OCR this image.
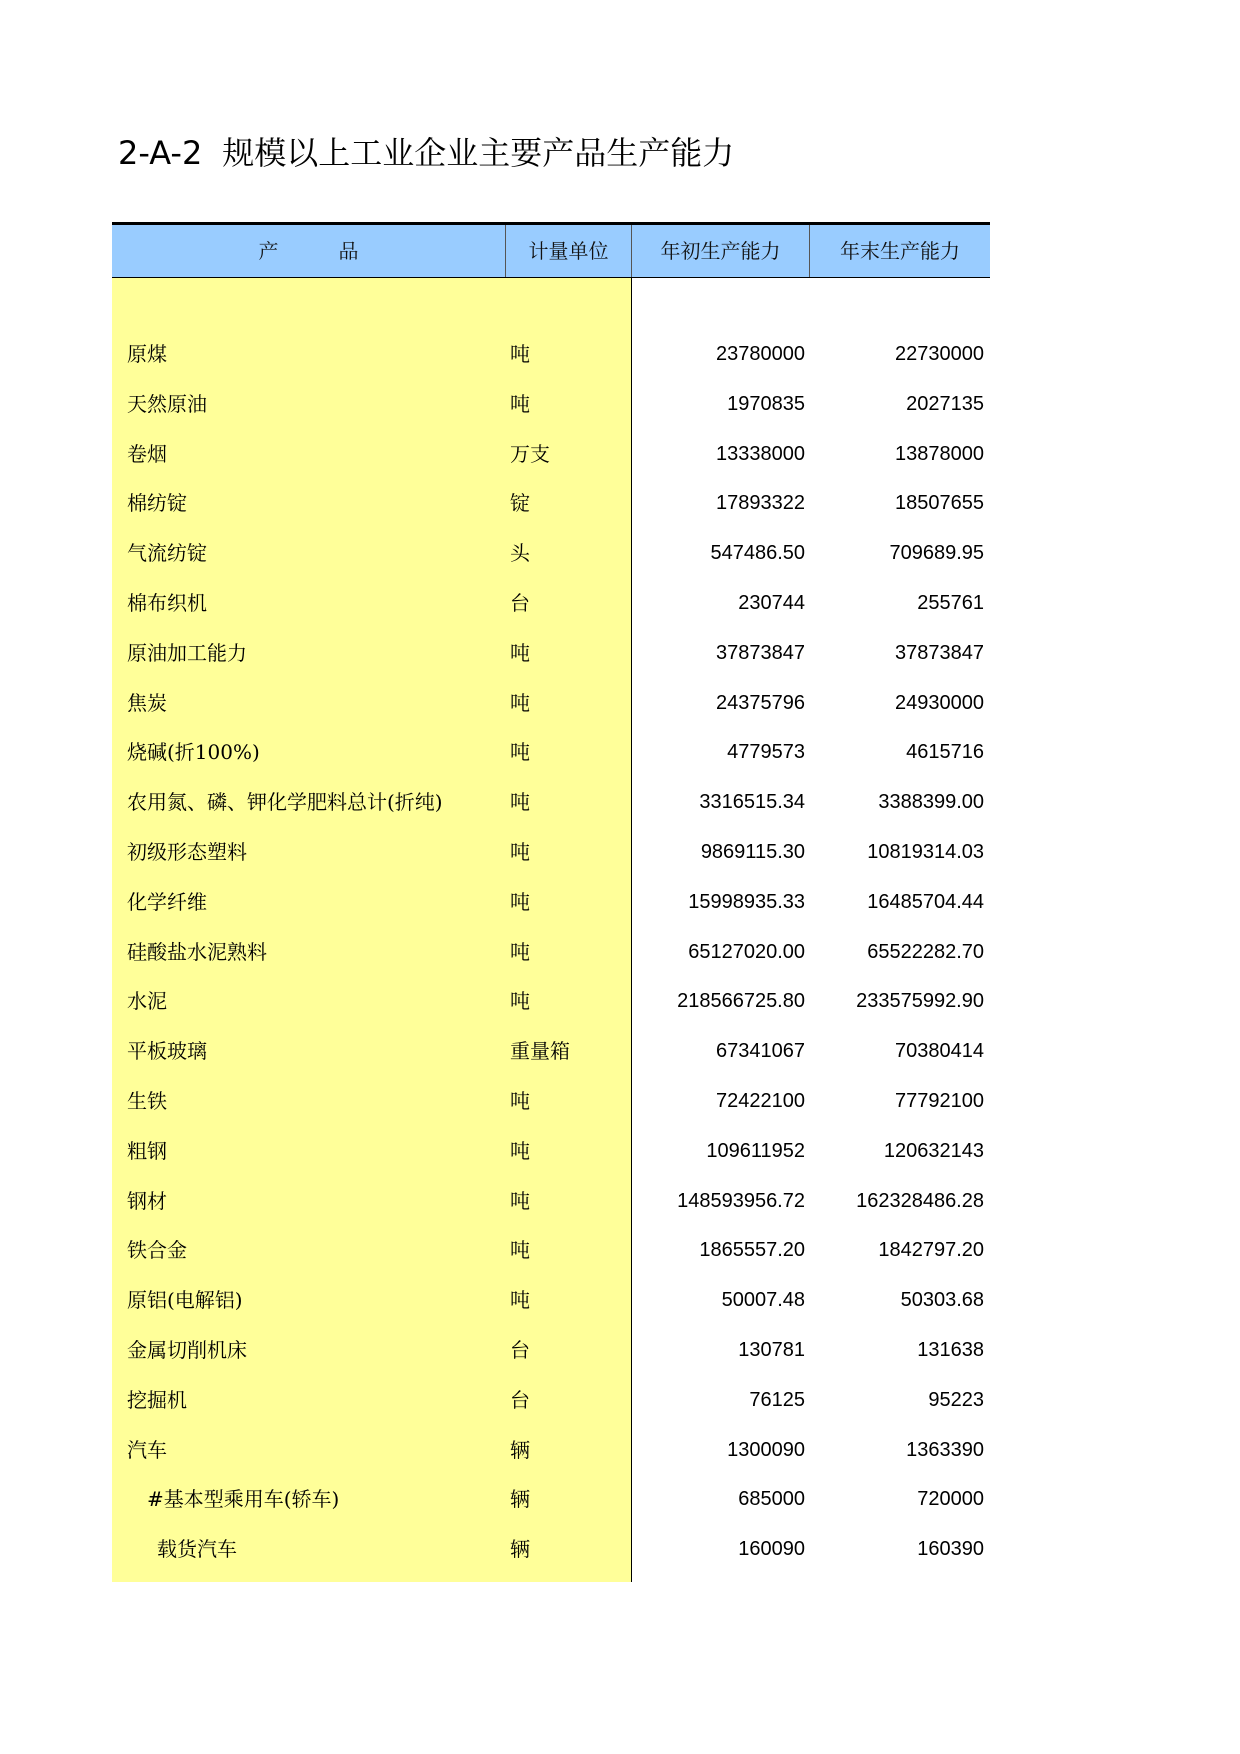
2-A-2 规模以上工业企业主要产品生产能力
产　　　品	计量单位	年初生产能力	年末生产能力
原煤	吨	23780000	22730000
天然原油	吨	1970835	2027135
卷烟	万支	13338000	13878000
棉纺锭	锭	17893322	18507655
气流纺锭	头	547486.50	709689.95
棉布织机	台	230744	255761
原油加工能力	吨	37873847	37873847
焦炭	吨	24375796	24930000
烧碱(折100%)	吨	4779573	4615716
农用氮、磷、钾化学肥料总计(折纯)	吨	3316515.34	3388399.00
初级形态塑料	吨	9869115.30	10819314.03
化学纤维	吨	15998935.33	16485704.44
硅酸盐水泥熟料	吨	65127020.00	65522282.70
水泥	吨	218566725.80	233575992.90
平板玻璃	重量箱	67341067	70380414
生铁	吨	72422100	77792100
粗钢	吨	109611952	120632143
钢材	吨	148593956.72	162328486.28
铁合金	吨	1865557.20	1842797.20
原铝(电解铝)	吨	50007.48	50303.68
金属切削机床	台	130781	131638
挖掘机	台	76125	95223
汽车	辆	1300090	1363390
#基本型乘用车(轿车)	辆	685000	720000
载货汽车	辆	160090	160390
